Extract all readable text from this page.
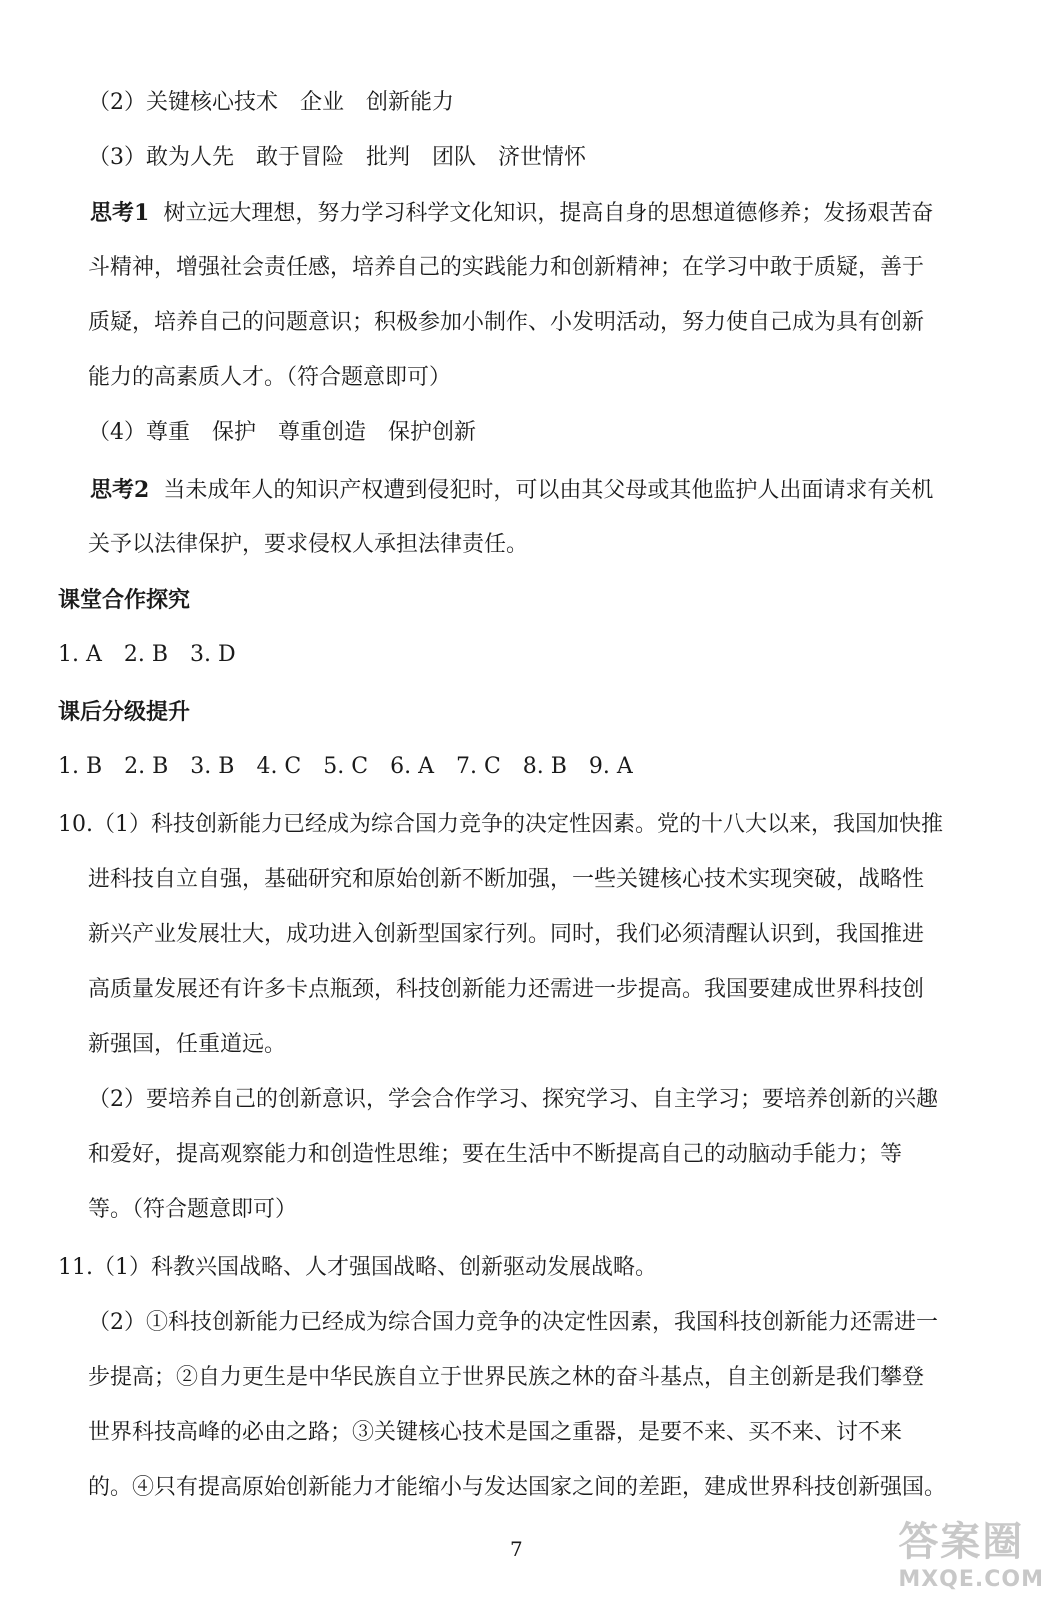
（2）关键核心技术　企业　创新能力
（3）敢为人先　敢于冒险　批判　团队　济世情怀
思考1 树立远大理想，努力学习科学文化知识，提高自身的思想道德修养；发扬艰苦奋
斗精神，增强社会责任感，培养自己的实践能力和创新精神；在学习中敢于质疑，善于
质疑，培养自己的问题意识；积极参加小制作、小发明活动，努力使自己成为具有创新
能力的高素质人才。（符合题意即可）
（4）尊重　保护　尊重创造　保护创新
思考2 当未成年人的知识产权遭到侵犯时，可以由其父母或其他监护人出面请求有关机
关予以法律保护，要求侵权人承担法律责任。
课堂合作探究
1. A　2. B　3. D
课后分级提升
1. B　2. B　3. B　4. C　5. C　6. A　7. C　8. B　9. A
10.（1）科技创新能力已经成为综合国力竞争的决定性因素。党的十八大以来，我国加快推
进科技自立自强，基础研究和原始创新不断加强，一些关键核心技术实现突破，战略性
新兴产业发展壮大，成功进入创新型国家行列。同时，我们必须清醒认识到，我国推进
高质量发展还有许多卡点瓶颈，科技创新能力还需进一步提高。我国要建成世界科技创
新强国，任重道远。
（2）要培养自己的创新意识，学会合作学习、探究学习、自主学习；要培养创新的兴趣
和爱好，提高观察能力和创造性思维；要在生活中不断提高自己的动脑动手能力；等
等。（符合题意即可）
11.（1）科教兴国战略、人才强国战略、创新驱动发展战略。
（2）①科技创新能力已经成为综合国力竞争的决定性因素，我国科技创新能力还需进一
步提高；②自力更生是中华民族自立于世界民族之林的奋斗基点，自主创新是我们攀登
世界科技高峰的必由之路；③关键核心技术是国之重器，是要不来、买不来、讨不来
的。④只有提高原始创新能力才能缩小与发达国家之间的差距，建成世界科技创新强国。
7	答案圈
MXQE.COM
